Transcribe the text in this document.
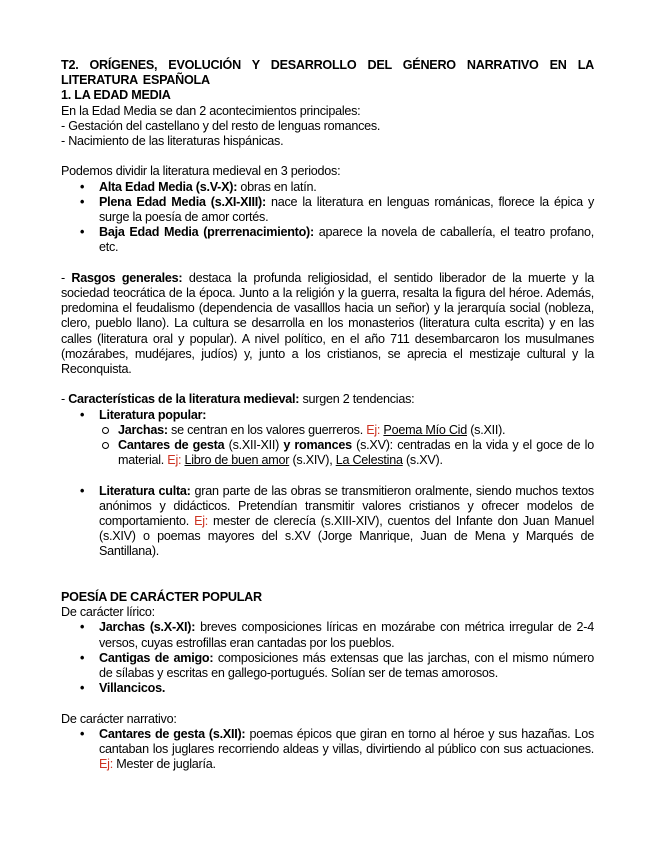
T2. ORÍGENES, EVOLUCIÓN Y DESARROLLO DEL GÉNERO NARRATIVO EN LA LITERATURA ESPAÑOLA

1. LA EDAD MEDIA

En la Edad Media se dan 2 acontecimientos principales:

- Gestación del castellano y del resto de lenguas romances.

- Nacimiento de las literaturas hispánicas.

Podemos dividir la literatura medieval en 3 periodos:

• Alta Edad Media (s.V-X): obras en latín.
• Plena Edad Media (s.XI-XIII): nace la literatura en lenguas románicas, florece la épica y surge la poesía de amor cortés.
• Baja Edad Media (prerrenacimiento): aparece la novela de caballería, el teatro profano, etc.

- Rasgos generales: destaca la profunda religiosidad, el sentido liberador de la muerte y la sociedad teocrática de la época. Junto a la religión y la guerra, resalta la figura del héroe. Además, predomina el feudalismo (dependencia de vasalllos hacia un señor) y la jerarquía social (nobleza, clero, pueblo llano). La cultura se desarrolla en los monasterios (literatura culta escrita) y en las calles (literatura oral y popular). A nivel político, en el año 711 desembarcaron los musulmanes (mozárabes, mudéjares, judíos) y, junto a los cristianos, se aprecia el mestizaje cultural y la Reconquista.

- Características de la literatura medieval: surgen 2 tendencias:

• Literatura popular:
Jarchas: se centran en los valores guerreros. Ej: Poema Mío Cid (s.XII).
Cantares de gesta (s.XII-XII) y romances (s.XV): centradas en la vida y el goce de lo material. Ej: Libro de buen amor (s.XIV), La Celestina (s.XV).
• Literatura culta: gran parte de las obras se transmitieron oralmente, siendo muchos textos anónimos y didácticos. Pretendían transmitir valores cristianos y ofrecer modelos de comportamiento. Ej: mester de clerecía (s.XIII-XIV), cuentos del Infante don Juan Manuel (s.XIV) o poemas mayores del s.XV (Jorge Manrique, Juan de Mena y Marqués de Santillana).

POESÍA DE CARÁCTER POPULAR

De carácter lírico:

• Jarchas (s.X-XI): breves composiciones líricas en mozárabe con métrica irregular de 2-4 versos, cuyas estrofillas eran cantadas por los pueblos.
• Cantigas de amigo: composiciones más extensas que las jarchas, con el mismo número de sílabas y escritas en gallego-portugués. Solían ser de temas amorosos.
• Villancicos.

De carácter narrativo:

• Cantares de gesta (s.XII): poemas épicos que giran en torno al héroe y sus hazañas. Los cantaban los juglares recorriendo aldeas y villas, divirtiendo al público con sus actuaciones. Ej: Mester de juglaría.
